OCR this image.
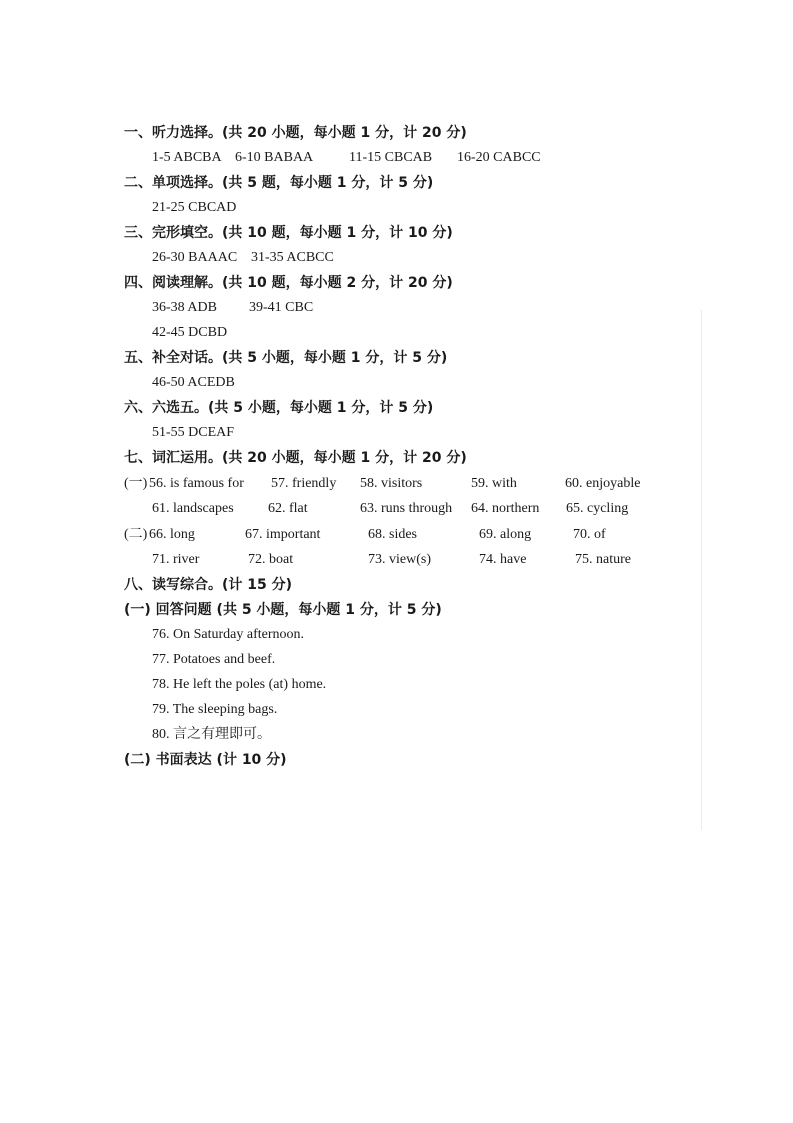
一、听力选择。(共 20 小题，每小题 1 分，计 20 分)
1-5 ABCBA 6-10 BABAA	11-15 CBCAB 16-20 CABCC
二、单项选择。(共 5 题，每小题 1 分，计 5 分)
21-25 CBCAD
三、完形填空。(共 10 题，每小题 1 分，计 10 分)
26-30 BAAAC 31-35 ACBCC
四、阅读理解。(共 10 题，每小题 2 分，计 20 分)
36-38 ADB 39-41 CBC
42-45 DCBD
五、补全对话。(共 5 小题，每小题 1 分，计 5 分)
46-50 ACEDB
六、六选五。(共 5 小题，每小题 1 分，计 5 分)
51-55 DCEAF
七、词汇运用。(共 20 小题，每小题 1 分，计 20 分)
(一) 56. is famous for 57. friendly 58. visitors	59. with	60. enjoyable
61. landscapes 62. flat	63. runs through 64. northern 65. cycling
(二) 66. long	67. important	68. sides	69. along	70. of
71. river	72. boat	73. view(s)	74. have	75. nature
八、读写综合。(计 15 分)
(一) 回答问题 (共 5 小题，每小题 1 分，计 5 分)
76. On Saturday afternoon.
77. Potatoes and beef.
78. He left the poles (at) home.
79. The sleeping bags.
80. 言之有理即可。
(二) 书面表达 (计 10 分)
